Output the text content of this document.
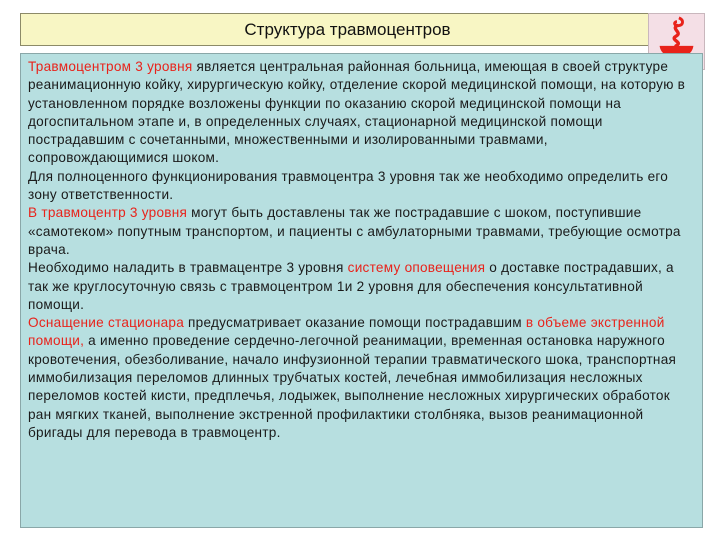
Структура травмоцентров

Травмоцентром 3 уровня является центральная районная больница, имеющая в своей структуре реанимационную койку, хирургическую койку, отделение скорой медицинской помощи, на которую в установленном порядке возложены функции по оказанию скорой медицинской помощи на догоспитальном этапе и, в определенных случаях, стационарной медицинской помощи пострадавшим с сочетанными, множественными и изолированными травмами, сопровождающимися шоком.

Для полноценного функционирования травмоцентра 3 уровня так же необходимо определить его зону ответственности.

В травмоцентр 3 уровня могут быть доставлены так же пострадавшие с шоком, поступившие «самотеком» попутным транспортом, и пациенты с амбулаторными травмами, требующие осмотра врача.

Необходимо наладить в травмацентре 3 уровня систему оповещения о доставке пострадавших, а так же круглосуточную связь с травмоцентром 1и 2 уровня для обеспечения консультативной помощи.

Оснащение стационара предусматривает оказание помощи пострадавшим в объеме экстренной помощи, а именно проведение сердечно-легочной реанимации, временная остановка наружного кровотечения, обезболивание, начало инфузионной терапии травматического шока, транспортная иммобилизация переломов длинных трубчатых костей, лечебная иммобилизация несложных переломов костей кисти, предплечья, лодыжек, выполнение несложных хирургических обработок ран мягких тканей, выполнение экстренной профилактики столбняка, вызов реанимационной бригады для перевода в травмоцентр.
